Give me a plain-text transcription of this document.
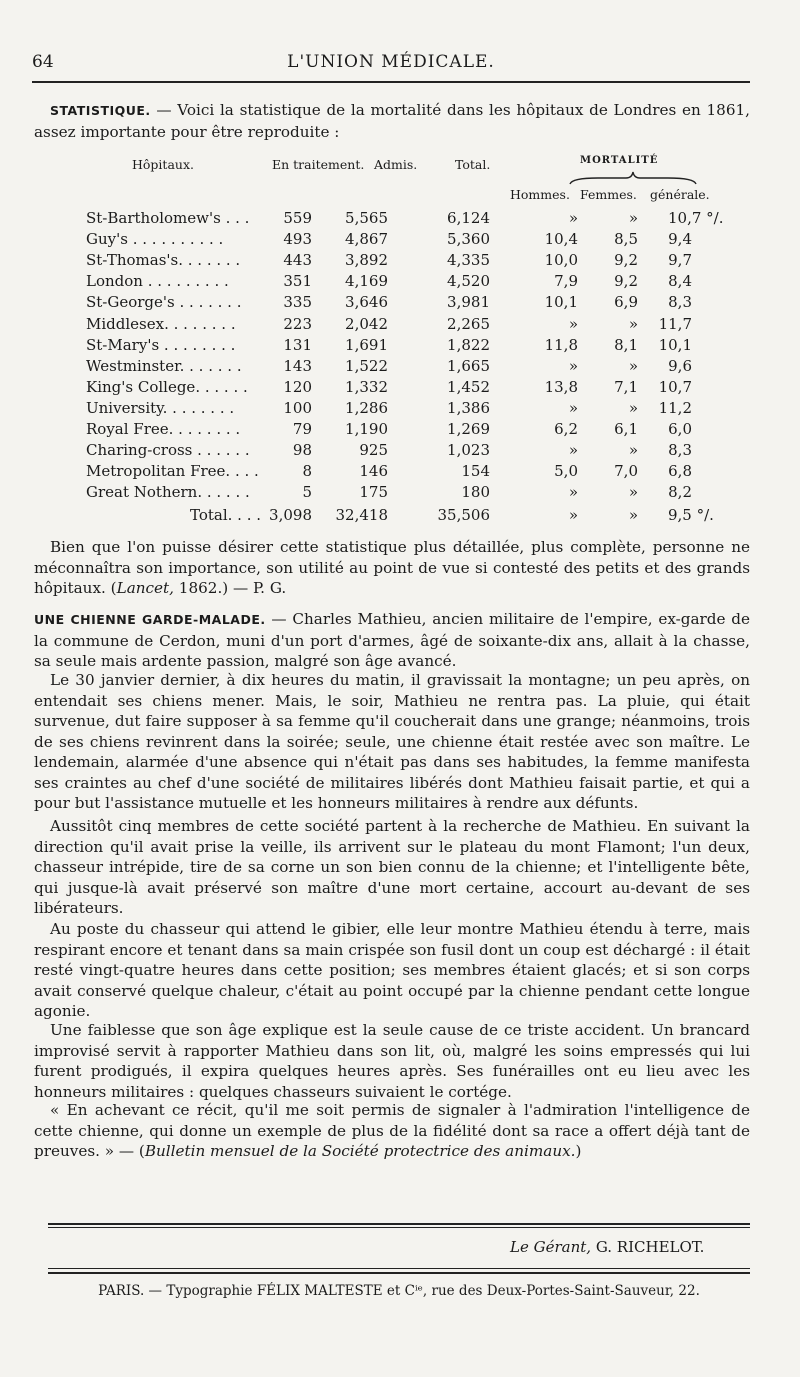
64	L'UNION MÉDICALE.

STATISTIQUE. — Voici la statistique de la mortalité dans les hôpitaux de Londres en 1861, assez importante pour être reproduite :

Hôpitaux.	En traitement. Admis.	Total.	MORTALITÉ
Hommes. Femmes. générale.
St-Bartholomew's . . . 559 5,565	6,124	»	» 10,7 °/.
Guy's . . . . . . . . . .	493 4,867	5,360	10,4 8,5 9,4
St-Thomas's. . . . . . .	443 3,892	4,335	10,0 9,2 9,7
London . . . . . . . . .	351 4,169	4,520	7,9 9,2 8,4
St-George's . . . . . . .	335 3,646	3,981	10,1 6,9 8,3
Middlesex. . . . . . . .	223 2,042	2,265	»	» 11,7
St-Mary's . . . . . . . .	131 1,691	1,822	11,8 8,1 10,1
Westminster. . . . . . .	143 1,522	1,665	»	» 9,6
King's College. . . . . . 120 1,332	1,452	13,8 7,1 10,7
University. . . . . . . .	100 1,286	1,386	»	» 11,2
Royal Free. . . . . . . .	79 1,190	1,269	6,2 6,1 6,0
Charing-cross . . . . . .	98	925	1,023	»	» 8,3
Metropolitan Free. . . .	8	146	154	5,0 7,0 6,8
Great Nothern. . . . . .	5	175	180	»	» 8,2
Total. . . . 3,098 32,418	35,506	»	» 9,5 °/.

Bien que l'on puisse désirer cette statistique plus détaillée, plus complète, personne ne méconnaîtra son importance, son utilité au point de vue si contesté des petits et des grands hôpitaux. (Lancet, 1862.) — P. G.

UNE CHIENNE GARDE-MALADE. — Charles Mathieu, ancien militaire de l'empire, ex-garde de la commune de Cerdon, muni d'un port d'armes, âgé de soixante-dix ans, allait à la chasse, sa seule mais ardente passion, malgré son âge avancé.

Le 30 janvier dernier, à dix heures du matin, il gravissait la montagne; un peu après, on entendait ses chiens mener. Mais, le soir, Mathieu ne rentra pas. La pluie, qui était survenue, dut faire supposer à sa femme qu'il coucherait dans une grange; néanmoins, trois de ses chiens revinrent dans la soirée; seule, une chienne était restée avec son maître. Le lendemain, alarmée d'une absence qui n'était pas dans ses habitudes, la femme manifesta ses craintes au chef d'une société de militaires libérés dont Mathieu faisait partie, et qui a pour but l'assistance mutuelle et les honneurs militaires à rendre aux défunts.

Aussitôt cinq membres de cette société partent à la recherche de Mathieu. En suivant la direction qu'il avait prise la veille, ils arrivent sur le plateau du mont Flamont; l'un deux, chasseur intrépide, tire de sa corne un son bien connu de la chienne; et l'intelligente bête, qui jusque-là avait préservé son maître d'une mort certaine, accourt au-devant de ses libérateurs.

Au poste du chasseur qui attend le gibier, elle leur montre Mathieu étendu à terre, mais respirant encore et tenant dans sa main crispée son fusil dont un coup est déchargé : il était resté vingt-quatre heures dans cette position; ses membres étaient glacés; et si son corps avait conservé quelque chaleur, c'était au point occupé par la chienne pendant cette longue agonie.

Une faiblesse que son âge explique est la seule cause de ce triste accident. Un brancard improvisé servit à rapporter Mathieu dans son lit, où, malgré les soins empressés qui lui furent prodigués, il expira quelques heures après. Ses funérailles ont eu lieu avec les honneurs militaires : quelques chasseurs suivaient le cortége.

« En achevant ce récit, qu'il me soit permis de signaler à l'admiration l'intelligence de cette chienne, qui donne un exemple de plus de la fidélité dont sa race a offert déjà tant de preuves. » — (Bulletin mensuel de la Société protectrice des animaux.)

Le Gérant, G. RICHELOT.
PARIS. — Typographie FÉLIX MALTESTE et Cⁱᵉ, rue des Deux-Portes-Saint-Sauveur, 22.
